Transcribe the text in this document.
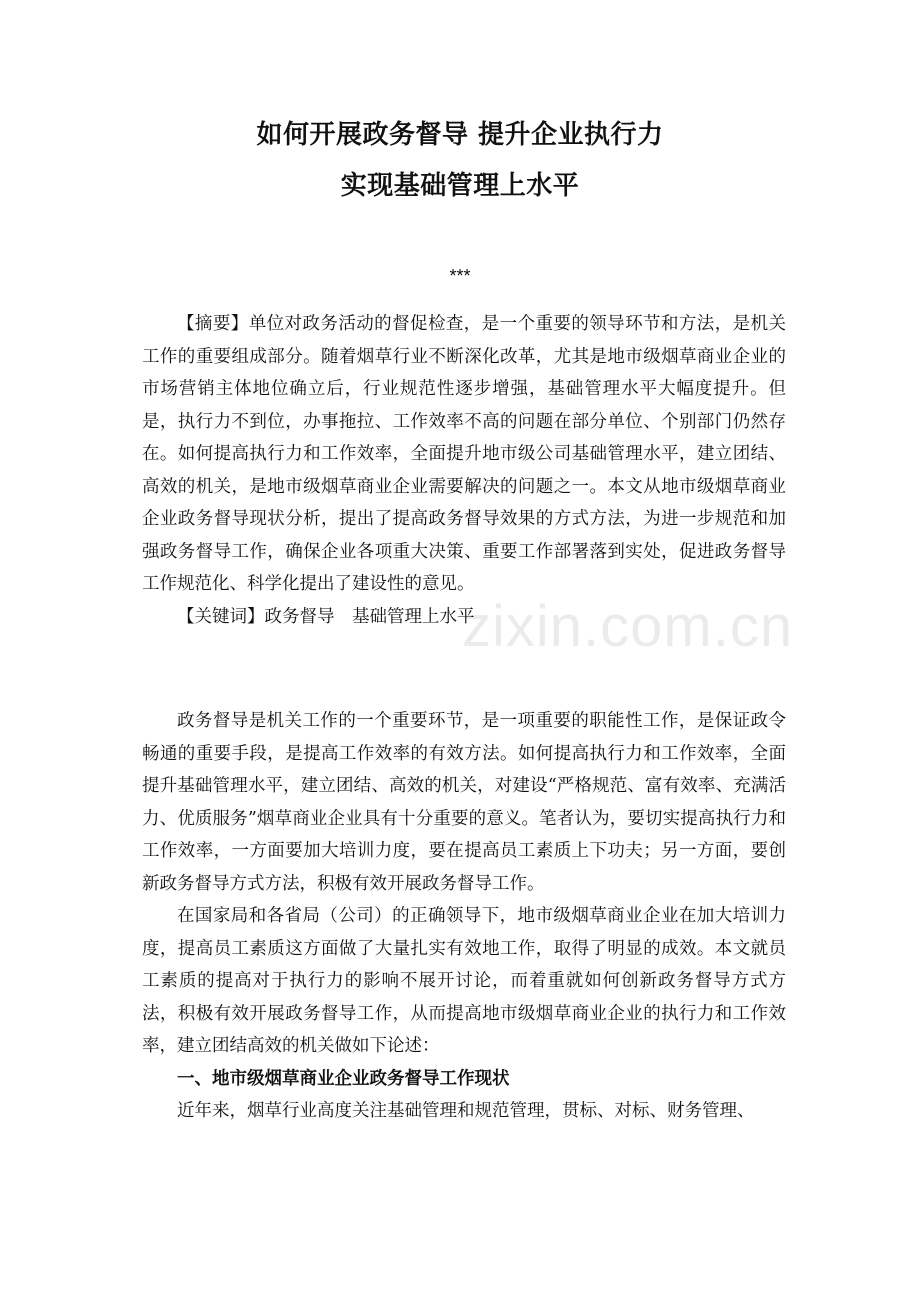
如何开展政务督导 提升企业执行力
实现基础管理上水平
***

【摘要】单位对政务活动的督促检查，是一个重要的领导环节和方法，是机关工作的重要组成部分。随着烟草行业不断深化改革，尤其是地市级烟草商业企业的市场营销主体地位确立后，行业规范性逐步增强，基础管理水平大幅度提升。但是，执行力不到位，办事拖拉、工作效率不高的问题在部分单位、个别部门仍然存在。如何提高执行力和工作效率，全面提升地市级公司基础管理水平，建立团结、高效的机关，是地市级烟草商业企业需要解决的问题之一。本文从地市级烟草商业企业政务督导现状分析，提出了提高政务督导效果的方式方法，为进一步规范和加强政务督导工作，确保企业各项重大决策、重要工作部署落到实处，促进政务督导工作规范化、科学化提出了建设性的意见。

【关键词】政务督导　基础管理上水平

政务督导是机关工作的一个重要环节，是一项重要的职能性工作，是保证政令畅通的重要手段，是提高工作效率的有效方法。如何提高执行力和工作效率，全面提升基础管理水平，建立团结、高效的机关，对建设“严格规范、富有效率、充满活力、优质服务”烟草商业企业具有十分重要的意义。笔者认为，要切实提高执行力和工作效率，一方面要加大培训力度，要在提高员工素质上下功夫；另一方面，要创新政务督导方式方法，积极有效开展政务督导工作。

在国家局和各省局（公司）的正确领导下，地市级烟草商业企业在加大培训力度，提高员工素质这方面做了大量扎实有效地工作，取得了明显的成效。本文就员工素质的提高对于执行力的影响不展开讨论，而着重就如何创新政务督导方式方法，积极有效开展政务督导工作，从而提高地市级烟草商业企业的执行力和工作效率，建立团结高效的机关做如下论述：

一、地市级烟草商业企业政务督导工作现状

近年来，烟草行业高度关注基础管理和规范管理，贯标、对标、财务管理、

zixin.com.cn
